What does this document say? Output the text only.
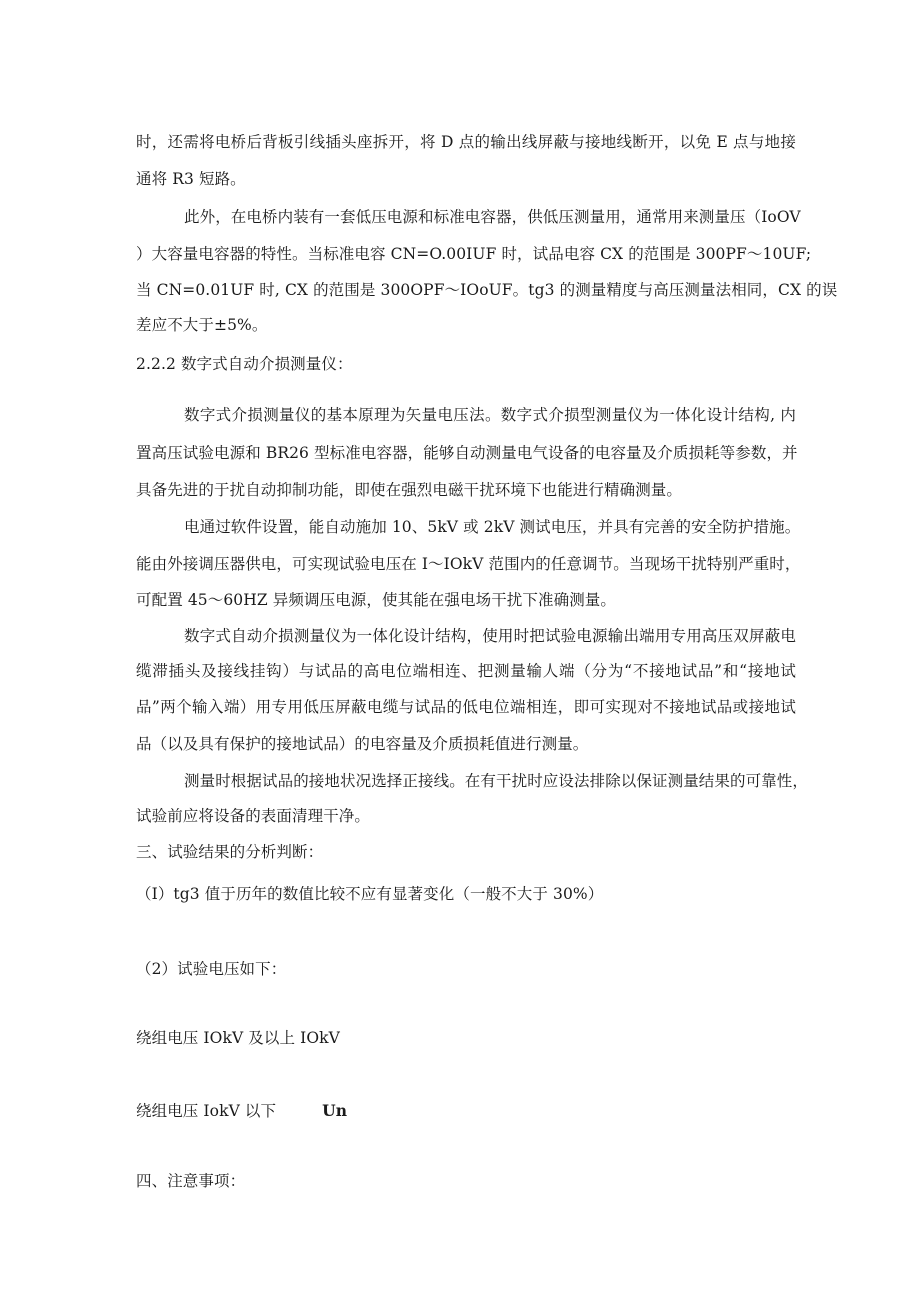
时，还需将电桥后背板引线插头座拆开，将 D 点的输出线屏蔽与接地线断开，以免 E 点与地接
通将 R3 短路。
此外，在电桥内装有一套低压电源和标准电容器，供低压测量用，通常用来测量压（IoOV
）大容量电容器的特性。当标准电容 CN=O.00IUF 时，试品电容 CX 的范围是 300PF～10UF;
当 CN=0.01UF 时, CX 的范围是 300OPF～IOoUF。tg3 的测量精度与高压测量法相同，CX 的误
差应不大于±5%。
2.2.2 数字式自动介损测量仪：
数字式介损测量仪的基本原理为矢量电压法。数字式介损型测量仪为一体化设计结构, 内
置高压试验电源和 BR26 型标准电容器，能够自动测量电气设备的电容量及介质损耗等参数，并
具备先进的于扰自动抑制功能，即使在强烈电磁干扰环境下也能进行精确测量。
电通过软件设置，能自动施加 10、5kV 或 2kV 测试电压，并具有完善的安全防护措施。
能由外接调压器供电，可实现试验电压在 I～IOkV 范围内的任意调节。当现场干扰特别严重时，
可配置 45～60HZ 异频调压电源，使其能在强电场干扰下准确测量。
数字式自动介损测量仪为一体化设计结构，使用时把试验电源输出端用专用高压双屏蔽电
缆滞插头及接线挂钩）与试品的高电位端相连、把测量输人端（分为“不接地试品”和“接地试
品”两个输入端）用专用低压屏蔽电缆与试品的低电位端相连，即可实现对不接地试品或接地试
品（以及具有保护的接地试品）的电容量及介质损耗值进行测量。
测量时根据试品的接地状况选择正接线。在有干扰时应设法排除以保证测量结果的可靠性，
试验前应将设备的表面清理干净。
三、试验结果的分析判断：
（I）tg3 值于历年的数值比较不应有显著变化（一般不大于 30%）
（2）试验电压如下：
绕组电压 IOkV 及以上 IOkV
绕组电压 IokV 以下	Un
四、注意事项：
